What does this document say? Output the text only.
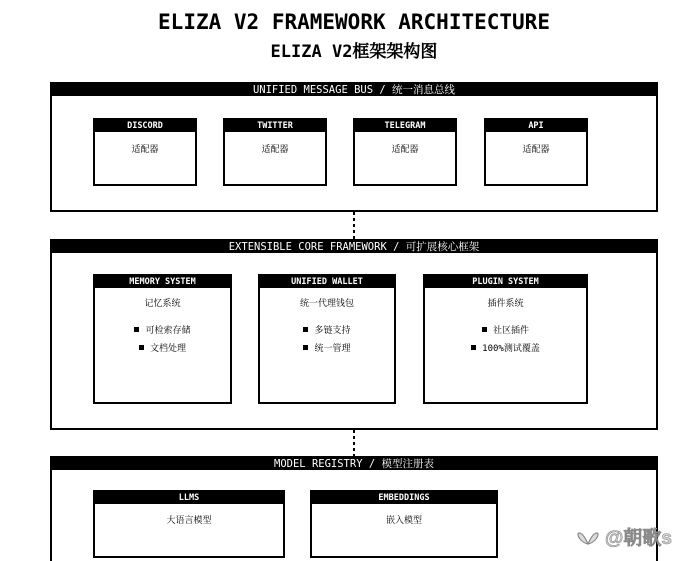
ELIZA V2 FRAMEWORK ARCHITECTURE
ELIZA V2框架架构图
UNIFIED MESSAGE BUS / 统一消息总线
DISCORD
适配器
TWITTER
适配器
TELEGRAM
适配器
API
适配器
EXTENSIBLE CORE FRAMEWORK / 可扩展核心框架
MEMORY SYSTEM
记忆系统
可检索存储
文档处理
UNIFIED WALLET
统一代理钱包
多链支持
统一管理
PLUGIN SYSTEM
插件系统
社区插件
100%测试覆盖
MODEL REGISTRY / 模型注册表
LLMS
大语言模型
EMBEDDINGS
嵌入模型
@朝歌s
